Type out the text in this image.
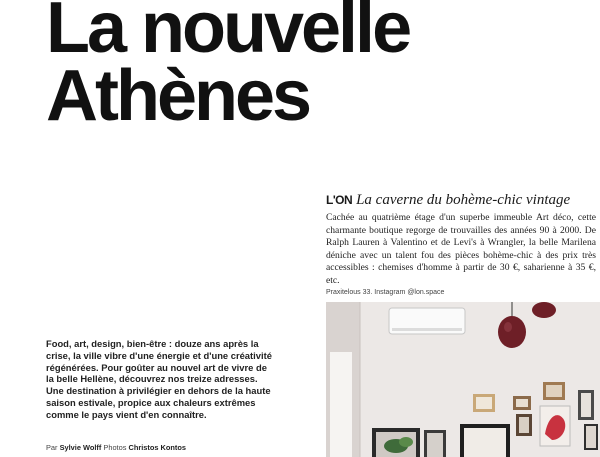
La nouvelle
Athènes
L'ON La caverne du bohème-chic vintage

Cachée au quatrième étage d'un superbe immeuble Art déco, cette charmante boutique regorge de trouvailles des années 90 à 2000. De Ralph Lauren à Valentino et de Levi's à Wrangler, la belle Marilena déniche avec un talent fou des pièces bohème-chic à des prix très accessibles : chemises d'homme à partir de 30 €, saharienne à 35 €, etc.

Praxitelous 33. Instagram @lon.space

Food, art, design, bien-être : douze ans après la crise, la ville vibre d'une énergie et d'une créativité régénérées. Pour goûter au nouvel art de vivre de la belle Hellène, découvrez nos treize adresses. Une destination à privilégier en dehors de la haute saison estivale, propice aux chaleurs extrêmes comme le pays vient d'en connaître.

Par Sylvie Wolff Photos Christos Kontos
